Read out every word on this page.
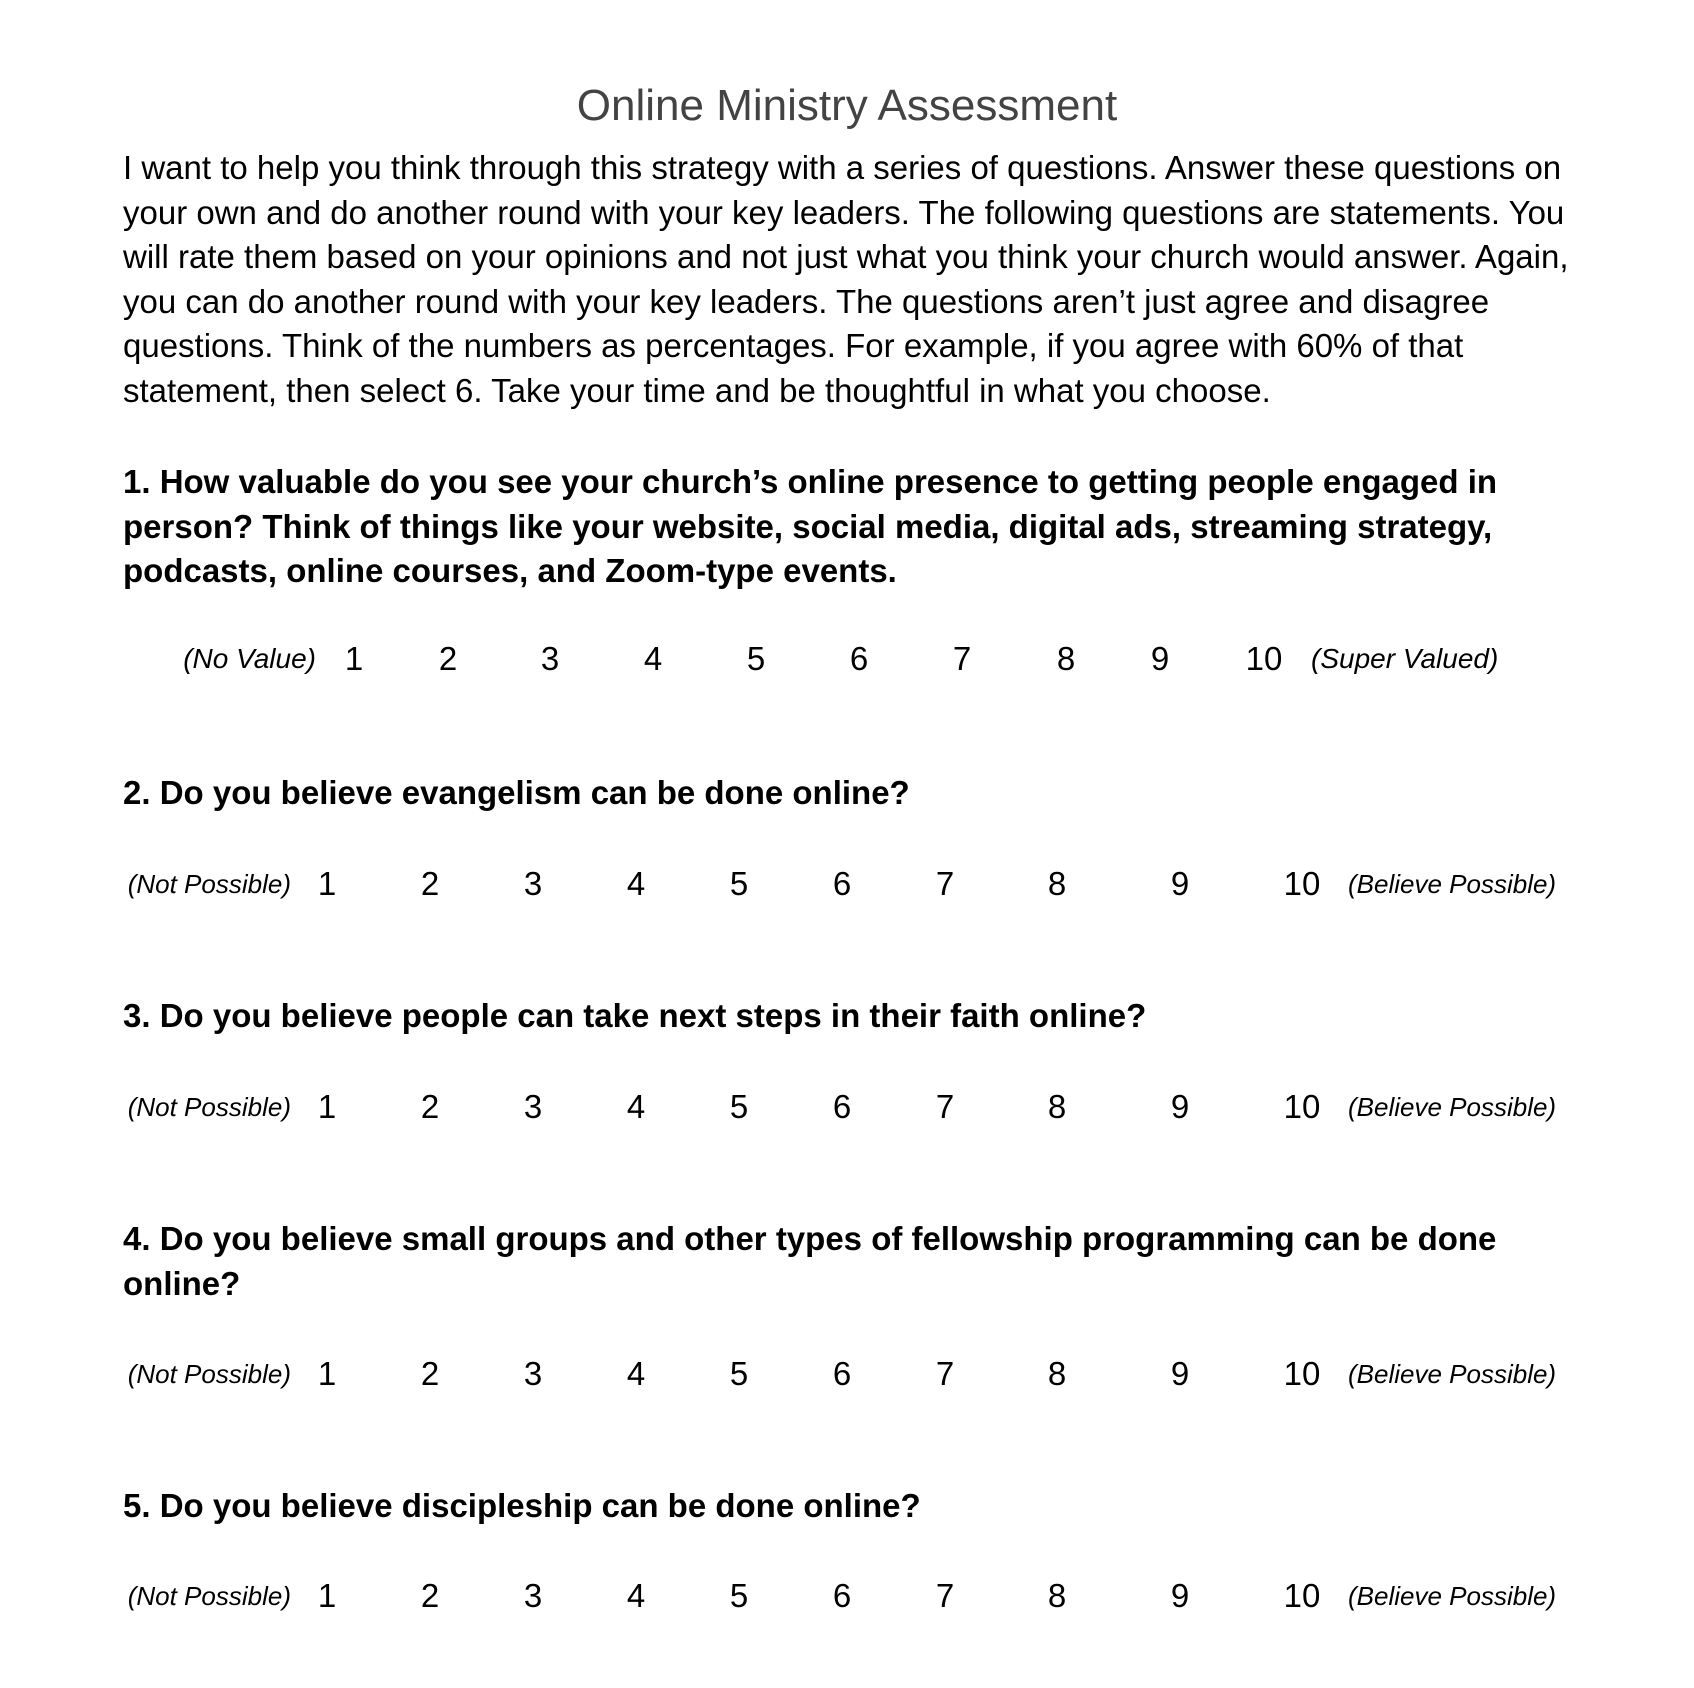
Online Ministry Assessment

I want to help you think through this strategy with a series of questions. Answer these questions on your own and do another round with your key leaders. The following questions are statements. You will rate them based on your opinions and not just what you think your church would answer. Again, you can do another round with your key leaders. The questions aren’t just agree and disagree questions. Think of the numbers as percentages. For example, if you agree with 60% of that statement, then select 6. Take your time and be thoughtful in what you choose.

1. How valuable do you see your church’s online presence to getting people engaged in person? Think of things like your website, social media, digital ads, streaming strategy, podcasts, online courses, and Zoom-type events.

(No Value) 1	2	3	4	5	6	7	8	9	10	(Super Valued)

2. Do you believe evangelism can be done online?

(Not Possible) 1	2	3	4	5	6	7	8	9	10	(Believe Possible)

3. Do you believe people can take next steps in their faith online?

(Not Possible) 1	2	3	4	5	6	7	8	9	10	(Believe Possible)

4. Do you believe small groups and other types of fellowship programming can be done online?

(Not Possible) 1	2	3	4	5	6	7	8	9	10	(Believe Possible)

5. Do you believe discipleship can be done online?

(Not Possible) 1	2	3	4	5	6	7	8	9	10	(Believe Possible)
